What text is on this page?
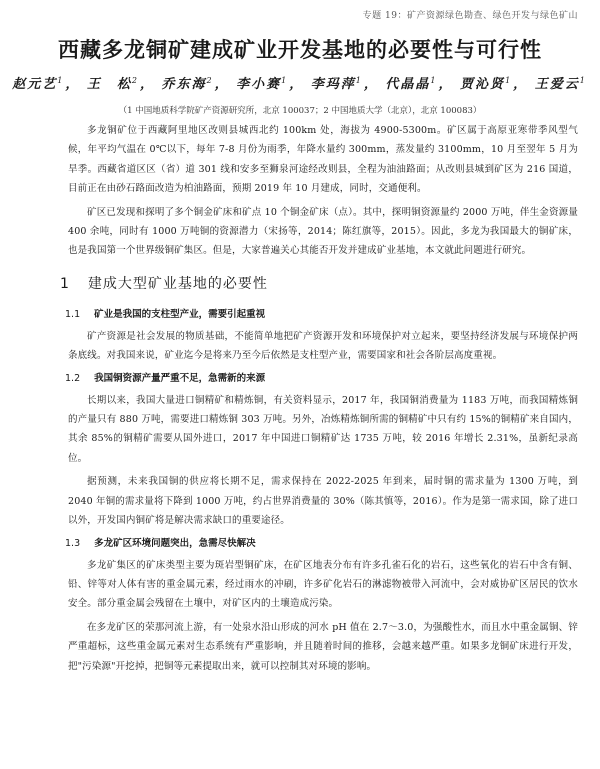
专题 19：矿产资源绿色勘查、绿色开发与绿色矿山
西藏多龙铜矿建成矿业开发基地的必要性与可行性
赵元艺$^1$ ， 王　松$^2$ ， 乔东海$^2$ ， 李小赛$^1$ ， 李玛萍$^1$ ， 代晶晶$^1$ ， 贾沁贤$^1$ ， 王爱云$^1$
（1 中国地质科学院矿产资源研究所，北京 100037；2 中国地质大学（北京），北京 100083）

多龙铜矿位于西藏阿里地区改则县城西北约 100km 处，海拔为 4900-5300m。矿区属于高原亚寒带季风型气候，年平均气温在 0℃以下，每年 7-8 月份为雨季，年降水量约 300mm，蒸发量约 3100mm，10 月至翌年 5 月为旱季。西藏省道区区（省）道 301 线和安多至狮泉河途经改则县，全程为油油路面；从改则县城到矿区为 216 国道，目前正在由砂石路面改造为柏油路面，预期 2019 年 10 月建成，同时，交通便利。

矿区已发现和探明了多个铜金矿床和矿点 10 个铜金矿床（点）。其中，探明铜资源量约 2000 万吨，伴生金资源量 400 余吨，同时有 1000 万吨铜的资源潜力（宋扬等，2014；陈红旗等，2015）。因此，多龙为我国最大的铜矿床，也是我国第一个世界级铜矿集区。但是，大家普遍关心其能否开发并建成矿业基地，本文就此问题进行研究。

1 建成大型矿业基地的必要性
1.1 矿业是我国的支柱型产业，需要引起重视

矿产资源是社会发展的物质基础，不能简单地把矿产资源开发和环境保护对立起来，要坚持经济发展与环境保护两条底线。对我国来说，矿业迄今是将来乃至今后依然是支柱型产业，需要国家和社会各阶层高度重视。

1.2 我国铜资源产量严重不足，急需新的来源

长期以来，我国大量进口铜精矿和精炼铜，有关资料显示，2017 年，我国铜消费量为 1183 万吨，而我国精炼铜的产量只有 880 万吨，需要进口精炼铜 303 万吨。另外，冶炼精炼铜所需的铜精矿中只有约 15%的铜精矿来自国内，其余 85%的铜精矿需要从国外进口，2017 年中国进口铜精矿达 1735 万吨，较 2016 年增长 2.31%，虽新纪录高位。

据预测，未来我国铜的供应将长期不足，需求保持在 2022-2025 年到来，届时铜的需求量为 1300 万吨，到 2040 年铜的需求量将下降到 1000 万吨，约占世界消费量的 30%（陈其慎等，2016）。作为是第一需求国，除了进口以外，开发国内铜矿将是解决需求缺口的重要途径。

1.3 多龙矿区环境问题突出，急需尽快解决

多龙矿集区的矿床类型主要为斑岩型铜矿床，在矿区地表分布有许多孔雀石化的岩石，这些氧化的岩石中含有铜、铅、锌等对人体有害的重金属元素，经过雨水的冲刷，许多矿化岩石的淋滤物被带入河流中，会对威协矿区居民的饮水安全。部分重金属会残留在土壤中，对矿区内的土壤造成污染。

在多龙矿区的荣那河流上游，有一处泉水沿山形成的河水 pH 值在 2.7～3.0，为强酸性水，而且水中重金属铜、锌严重超标，这些重金属元素对生态系统有严重影响，并且随着时间的推移，会越来越严重。如果多龙铜矿床进行开发，把"污染源"开挖掉，把铜等元素提取出来，就可以控制其对环境的影响。
